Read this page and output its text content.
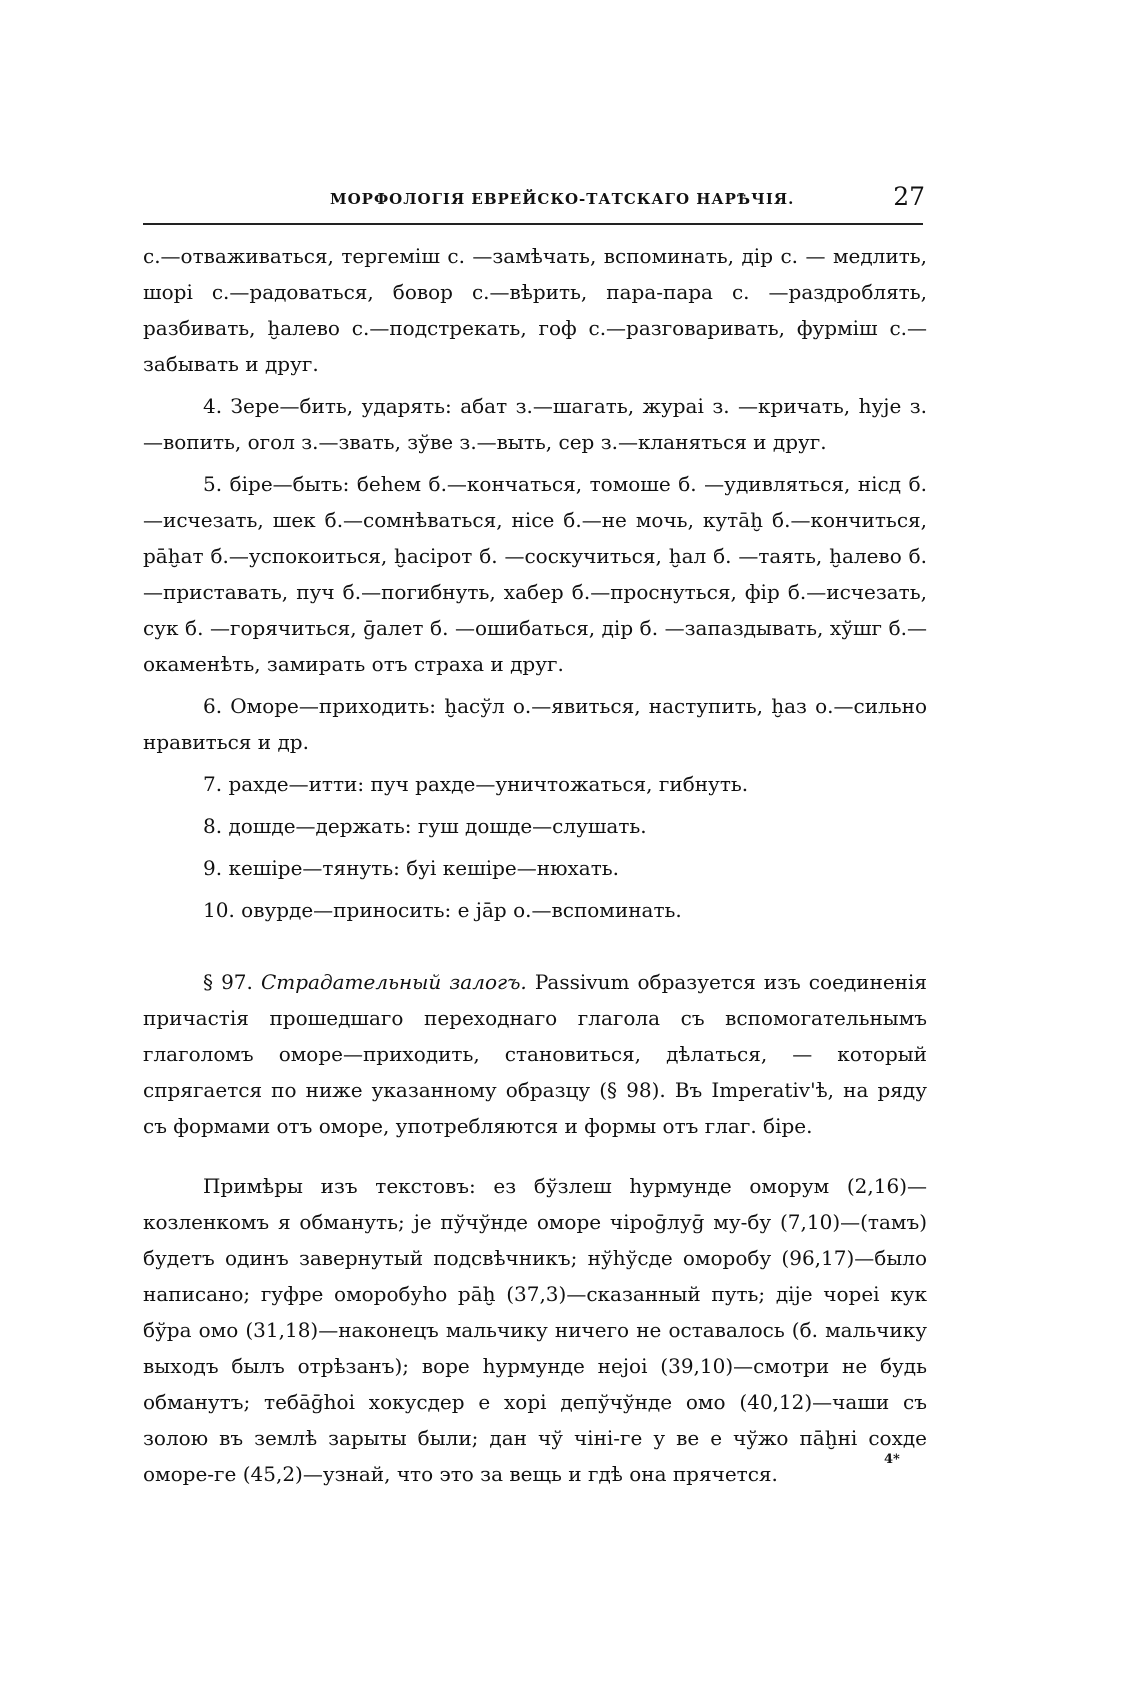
МОРФОЛОГІЯ ЕВРЕЙСКО-ТАТСКАГО НАРѢЧІЯ.	27

с.—отваживаться, тергеміш с. —замѣчать, вспоминать, дір с. — медлить, шорі с.—радоваться, бовор с.—вѣрить, пара-пара с. —раздроблять, разбивать, ḫалево с.—подстрекать, гоф с.—разговаривать, фурміш с.—забывать и друг.

4. Зере—бить, ударять: абат з.—шагать, журaі з. —кричать, һуjе з.—вопить, огол з.—звать, зўве з.—выть, сер з.—кланяться и друг.

5. біре—быть: беһем б.—кончаться, томоше б. —удивляться, нісд б.—исчезать, шек б.—сомнѣваться, нісе б.—не мочь, кутāḫ б.—кончиться, рāḫат б.—успокоиться, ḫасірот б. —соскучиться, ḫал б. —таять, ḫалево б.—приставать, пуч б.—погибнуть, хабер б.—проснуться, фір б.—исчезать, сук б. —горячиться, ḡалет б. —ошибаться, дір б. —запаздывать, хўшг б.—окаменѣть, замирать отъ страха и друг.

6. Оморе—приходить: ḫасўл о.—явиться, наступить, ḫаз о.—сильно нравиться и др.

7. рахде—итти: пуч рахде—уничтожаться, гибнуть.

8. дошде—держать: гуш дошде—слушать.

9. кешіре—тянуть: буі кешіре—нюхать.

10. овурде—приносить: е jāр о.—вспоминать.

§ 97. Страдательный залогъ. Passivum образуется изъ соединенія причастія прошедшаго переходнаго глагола съ вспомогательнымъ глаголомъ оморе—приходить, становиться, дѣлаться, — который спрягается по ниже указанному образцу (§ 98). Въ Imperativ'ѣ, на ряду съ формами отъ оморе, употребляются и формы отъ глаг. біре.

Примѣры изъ текстовъ: ез бўзлеш һурмунде оморум (2,16)—козленкомъ я обмануть; jе пўчўнде оморе чіроḡлуḡ му-бу (7,10)—(тамъ) будетъ одинъ завернутый подсвѣчникъ; нўһўсде оморобу (96,17)—было написано; гуфре оморобуһо рāḫ (37,3)—сказанный путь; діjе чореі кук бўра омо (31,18)—наконецъ мальчику ничего не оставалось (б. мальчику выходъ былъ отрѣзанъ); воре һурмунде неjоі (39,10)—смотри не будь обманутъ; тебāḡһоі хокусдер е хорі депўчўнде омо (40,12)—чаши съ золою въ землѣ зарыты были; дан чў чіні-ге у ве е чўжо пāḫні сохде оморе-ге (45,2)—узнай, что это за вещь и гдѣ она прячется.

4*
